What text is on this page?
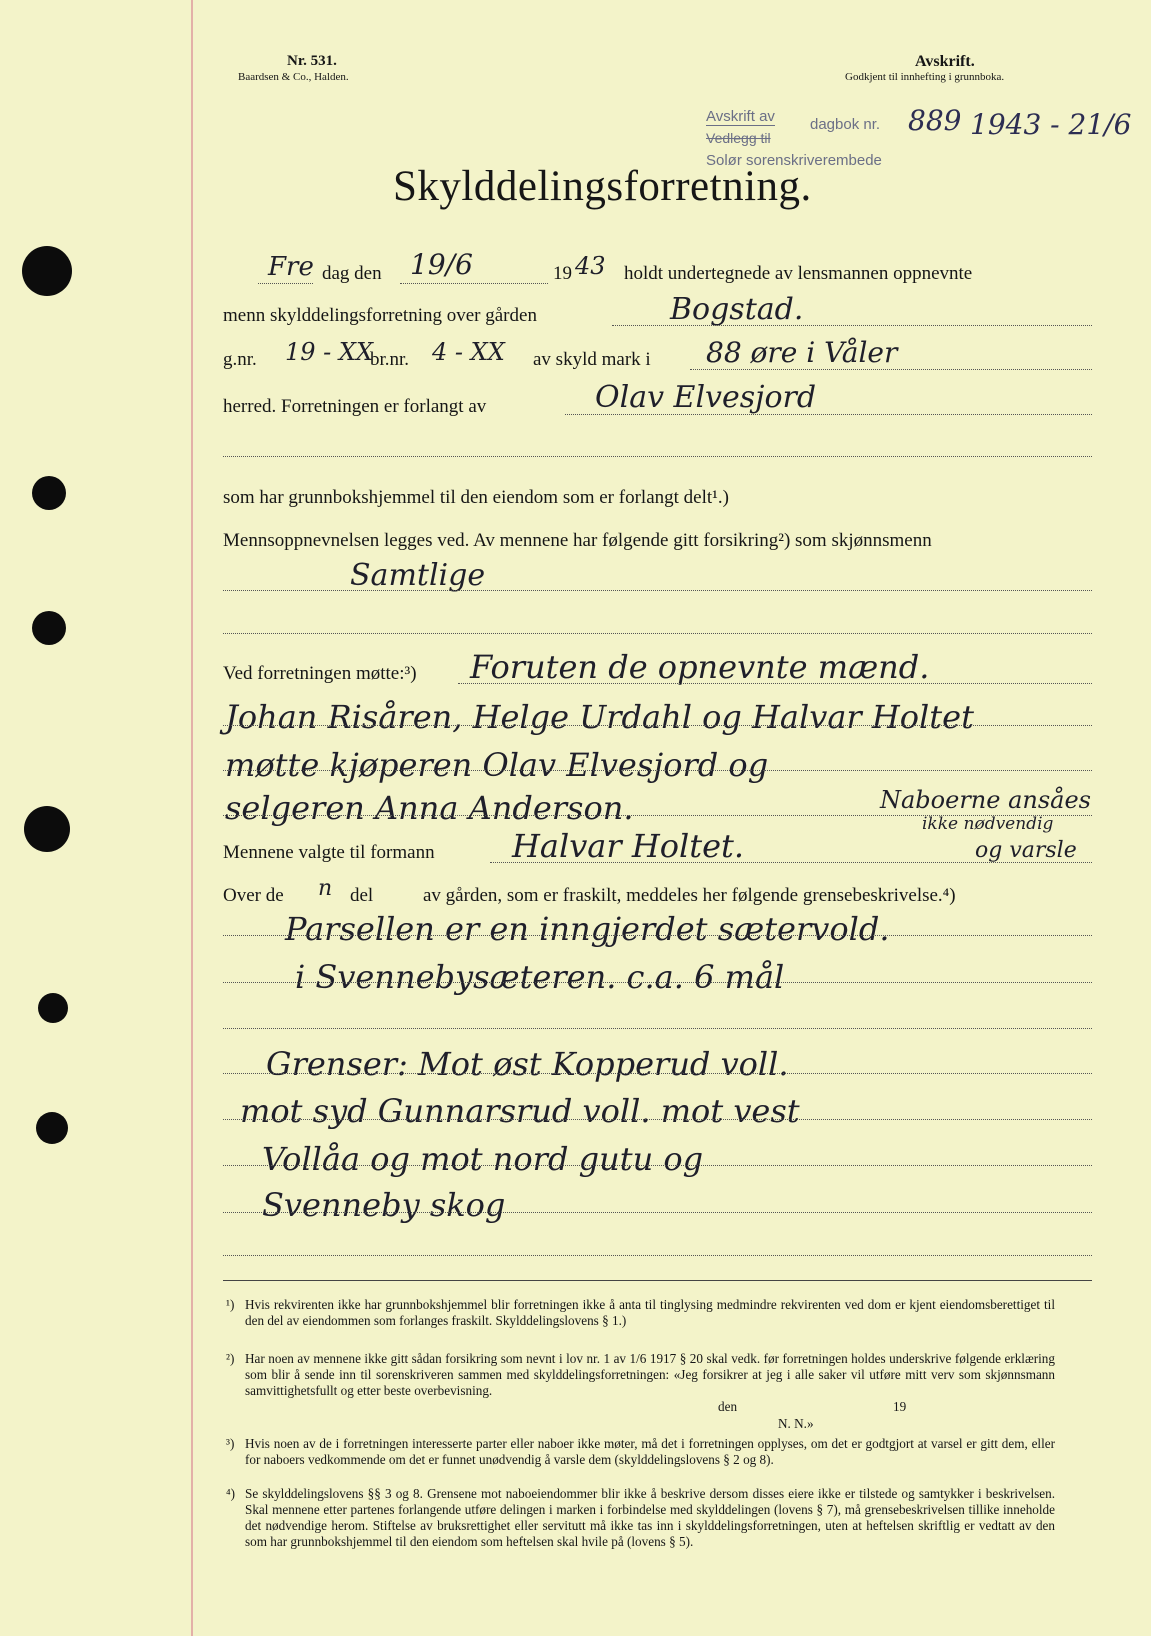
Nr. 531.
Baardsen & Co., Halden.
Avskrift.
Godkjent til innhefting i grunnboka.
Avskrift av dagbok nr.
Vedlegg til
Solør sorenskriverembede
889 1943 - 21/6
Skylddelingsforretning.
Fre dag den 19/6	19 43 holdt undertegnede av lensmannen oppnevnte
menn skylddelingsforretning over gården	Bogstad.
g.nr. 19 - XX
br.nr. 4 - XX av skyld mark i 88 øre i Våler
herred. Forretningen er forlangt av	Olav Elvesjord
som har grunnbokshjemmel til den eiendom som er forlangt delt¹.)
Mennsoppnevnelsen legges ved. Av mennene har følgende gitt forsikring²) som skjønnsmenn
Samtlige
Ved forretningen møtte:³) Foruten de opnevnte mænd.
Johan Risåren, Helge Urdahl og Halvar Holtet
møtte kjøperen Olav Elvesjord og
selgeren Anna Anderson.	Naboerne ansåes
ikke nødvendig
Mennene valgte til formann Halvar Holtet.	og varsle
Over de n del	av gården, som er fraskilt, meddeles her følgende grensebeskrivelse.⁴)
Parsellen er en inngjerdet sætervold.
i Svennebysæteren. c.a. 6 mål
Grenser: Mot øst Kopperud voll.
mot syd Gunnarsrud voll. mot vest
Vollåa og mot nord gutu og
Svenneby skog
¹) Hvis rekvirenten ikke har grunnbokshjemmel blir forretningen ikke å anta til tinglysing medmindre rekvirenten ved dom er kjent eiendomsberettiget til den del av eiendommen som forlanges fraskilt. Skylddelingslovens § 1.)
²) Har noen av mennene ikke gitt sådan forsikring som nevnt i lov nr. 1 av 1/6 1917 § 20 skal vedk. før forretningen holdes underskrive følgende erklæring som blir å sende inn til sorenskriveren sammen med skylddelingsforretningen: «Jeg forsikrer at jeg i alle saker vil utføre mitt verv som skjønnsmann samvittighetsfullt og etter beste overbevisning.
den	19
N. N.»
³) Hvis noen av de i forretningen interesserte parter eller naboer ikke møter, må det i forretningen opplyses, om det er godtgjort at varsel er gitt dem, eller for naboers vedkommende om det er funnet unødvendig å varsle dem (skylddelingslovens § 2 og 8).
⁴) Se skylddelingslovens §§ 3 og 8. Grensene mot naboeiendommer blir ikke å beskrive dersom disses eiere ikke er tilstede og samtykker i beskrivelsen. Skal mennene etter partenes forlangende utføre delingen i marken i forbindelse med skylddelingen (lovens § 7), må grensebeskrivelsen tillike inneholde det nødvendige herom. Stiftelse av bruksrettighet eller servitutt må ikke tas inn i skylddelingsforretningen, uten at heftelsen skriftlig er vedtatt av den som har grunnbokshjemmel til den eiendom som heftelsen skal hvile på (lovens § 5).
